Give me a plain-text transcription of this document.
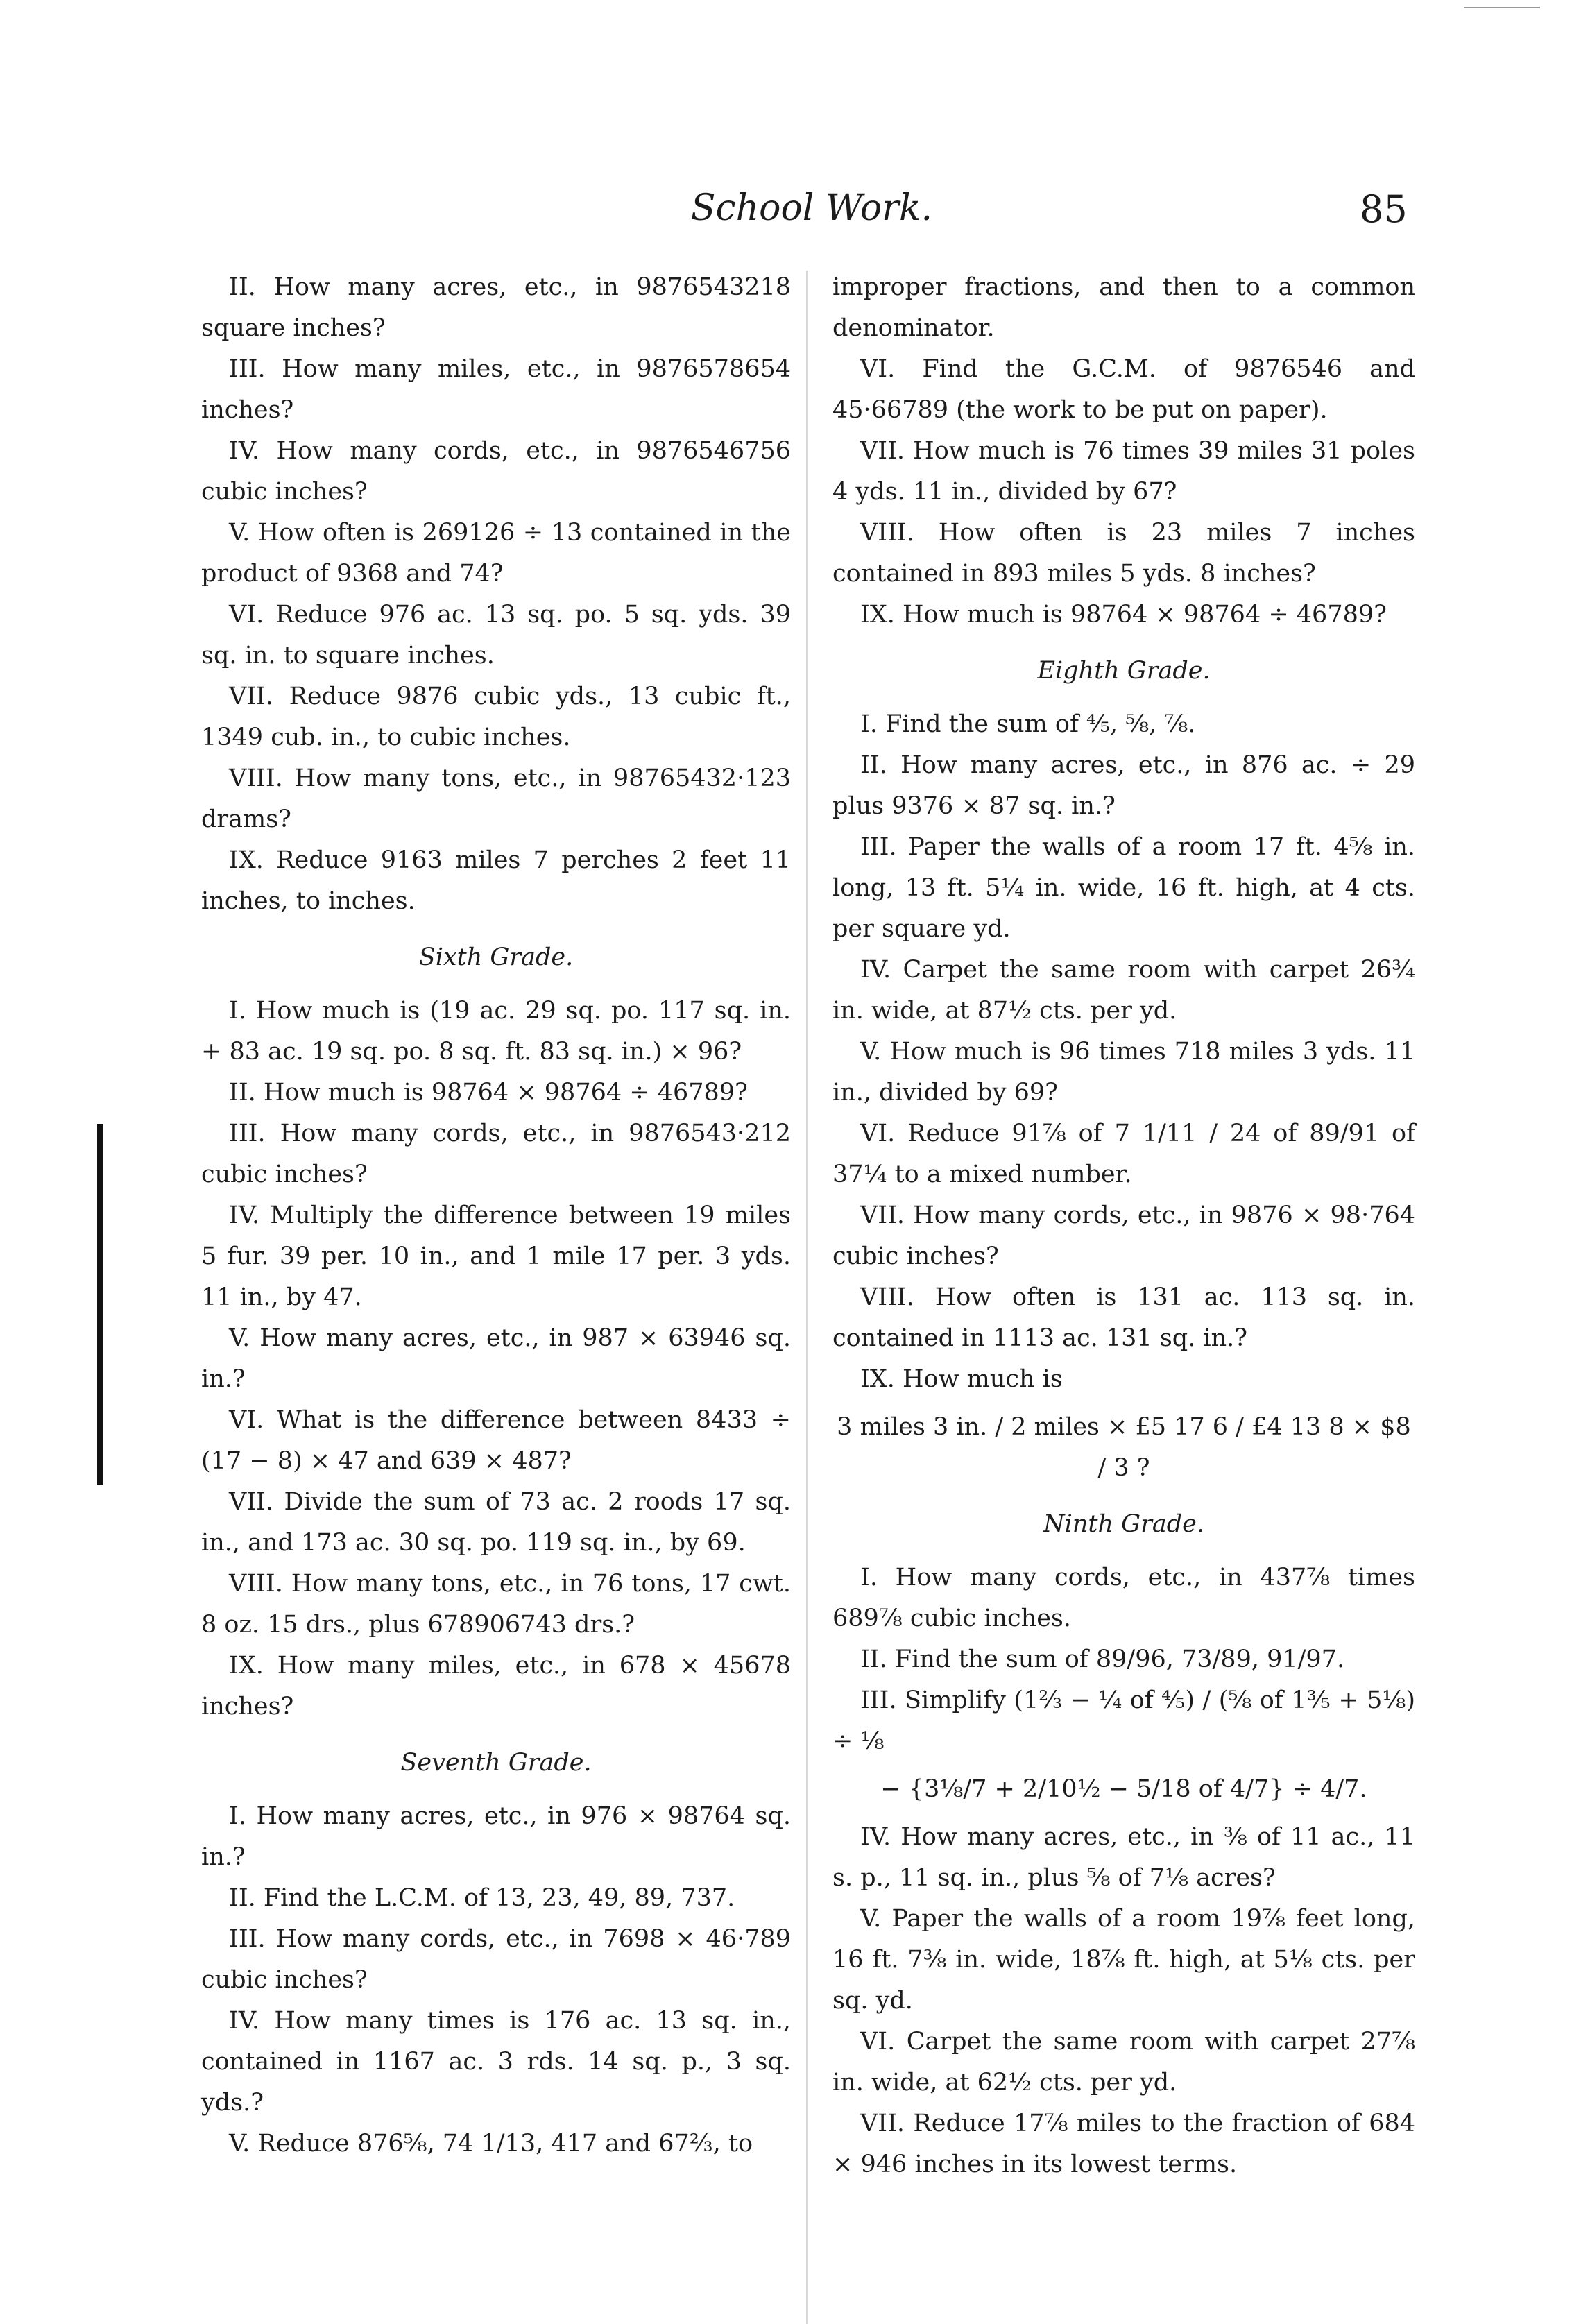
School Work.	85

II. How many acres, etc., in 9876543218 square inches?

III. How many miles, etc., in 9876578654 inches?

IV. How many cords, etc., in 9876546756 cubic inches?

V. How often is 269126 ÷ 13 contained in the product of 9368 and 74?

VI. Reduce 976 ac. 13 sq. po. 5 sq. yds. 39 sq. in. to square inches.

VII. Reduce 9876 cubic yds., 13 cubic ft., 1349 cub. in., to cubic inches.

VIII. How many tons, etc., in 98765432·123 drams?

IX. Reduce 9163 miles 7 perches 2 feet 11 inches, to inches.

Sixth Grade.

I. How much is (19 ac. 29 sq. po. 117 sq. in. + 83 ac. 19 sq. po. 8 sq. ft. 83 sq. in.) × 96?

II. How much is 98764 × 98764 ÷ 46789?

III. How many cords, etc., in 9876543·212 cubic inches?

IV. Multiply the difference between 19 miles 5 fur. 39 per. 10 in., and 1 mile 17 per. 3 yds. 11 in., by 47.

V. How many acres, etc., in 987 × 63946 sq. in.?

VI. What is the difference between 8433 ÷ (17 − 8) × 47 and 639 × 487?

VII. Divide the sum of 73 ac. 2 roods 17 sq. in., and 173 ac. 30 sq. po. 119 sq. in., by 69.

VIII. How many tons, etc., in 76 tons, 17 cwt. 8 oz. 15 drs., plus 678906743 drs.?

IX. How many miles, etc., in 678 × 45678 inches?

Seventh Grade.

I. How many acres, etc., in 976 × 98764 sq. in.?

II. Find the L.C.M. of 13, 23, 49, 89, 737.

III. How many cords, etc., in 7698 × 46·789 cubic inches?

IV. How many times is 176 ac. 13 sq. in., contained in 1167 ac. 3 rds. 14 sq. p., 3 sq. yds.?

V. Reduce 876⅝, 74 1/13, 417 and 67⅔, to

improper fractions, and then to a common denominator.

VI. Find the G.C.M. of 9876546 and 45·66789 (the work to be put on paper).

VII. How much is 76 times 39 miles 31 poles 4 yds. 11 in., divided by 67?

VIII. How often is 23 miles 7 inches contained in 893 miles 5 yds. 8 inches?

IX. How much is 98764 × 98764 ÷ 46789?

Eighth Grade.

I. Find the sum of ⅘, ⅝, ⅞.

II. How many acres, etc., in 876 ac. ÷ 29 plus 9376 × 87 sq. in.?

III. Paper the walls of a room 17 ft. 4⅝ in. long, 13 ft. 5¼ in. wide, 16 ft. high, at 4 cts. per square yd.

IV. Carpet the same room with carpet 26¾ in. wide, at 87½ cts. per yd.

V. How much is 96 times 718 miles 3 yds. 11 in., divided by 69?

VI. Reduce 91⅞ of 7 1/11 / 24 of 89/91 of 37¼ to a mixed number.

VII. How many cords, etc., in 9876 × 98·764 cubic inches?

VIII. How often is 131 ac. 113 sq. in. contained in 1113 ac. 131 sq. in.?

IX. How much is

3 miles 3 in. / 2 miles × £5 17 6 / £4 13 8 × $8 / 3 ?
Ninth Grade.

I. How many cords, etc., in 437⅞ times 689⅞ cubic inches.

II. Find the sum of 89/96, 73/89, 91/97.

III. Simplify (1⅔ − ¼ of ⅘) / (⅝ of 1⅗ + 5⅛) ÷ ⅛

− {3⅛/7 + 2/10½ − 5/18 of 4/7} ÷ 4/7.

IV. How many acres, etc., in ⅜ of 11 ac., 11 s. p., 11 sq. in., plus ⅝ of 7⅛ acres?

V. Paper the walls of a room 19⅞ feet long, 16 ft. 7⅜ in. wide, 18⅞ ft. high, at 5⅛ cts. per sq. yd.

VI. Carpet the same room with carpet 27⅞ in. wide, at 62½ cts. per yd.

VII. Reduce 17⅞ miles to the fraction of 684 × 946 inches in its lowest terms.
